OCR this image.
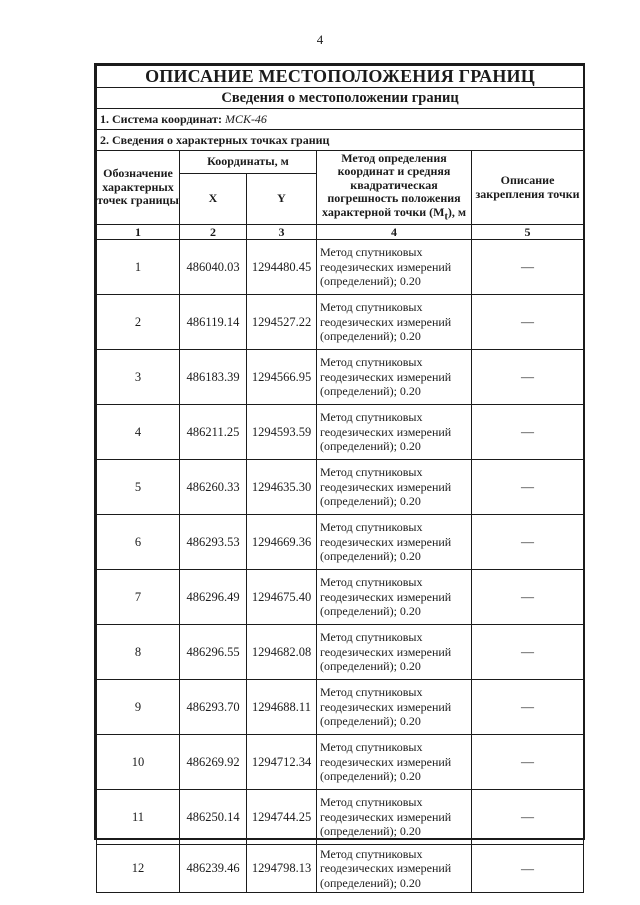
4
ОПИСАНИЕ МЕСТОПОЛОЖЕНИЯ ГРАНИЦ				
Сведения о местоположении границ				
1. Система координат: МСК-46				
2. Сведения о характерных точках границ				
Обозначение характерных точек границы	Координаты, м		Метод определения координат и средняя квадратическая погрешность положения характерной точки $(M_t)$, м	Описание закрепления точки
	X	Y		
1	2	3	4	5
1	486040.03	1294480.45	Метод спутниковых геодезических измерений (определений); 0.20	—
2	486119.14	1294527.22	Метод спутниковых геодезических измерений (определений); 0.20	—
3	486183.39	1294566.95	Метод спутниковых геодезических измерений (определений); 0.20	—
4	486211.25	1294593.59	Метод спутниковых геодезических измерений (определений); 0.20	—
5	486260.33	1294635.30	Метод спутниковых геодезических измерений (определений); 0.20	—
6	486293.53	1294669.36	Метод спутниковых геодезических измерений (определений); 0.20	—
7	486296.49	1294675.40	Метод спутниковых геодезических измерений (определений); 0.20	—
8	486296.55	1294682.08	Метод спутниковых геодезических измерений (определений); 0.20	—
9	486293.70	1294688.11	Метод спутниковых геодезических измерений (определений); 0.20	—
10	486269.92	1294712.34	Метод спутниковых геодезических измерений (определений); 0.20	—
11	486250.14	1294744.25	Метод спутниковых геодезических измерений (определений); 0.20	—
12	486239.46	1294798.13	Метод спутниковых геодезических измерений (определений); 0.20	—
